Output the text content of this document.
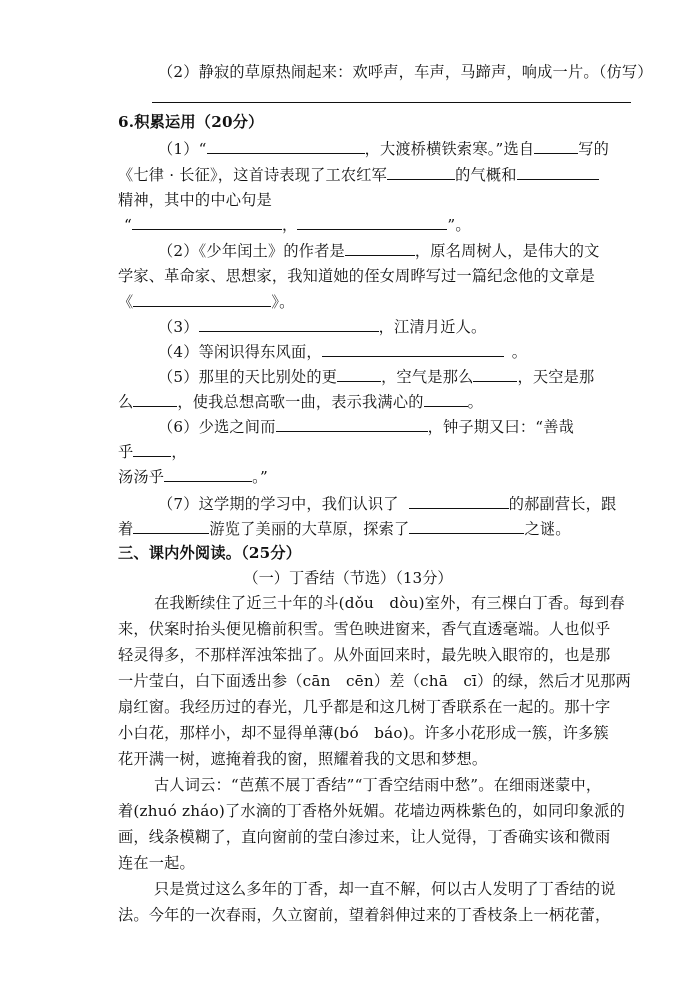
（2）静寂的草原热闹起来：欢呼声，车声，马蹄声，响成一片。（仿写）
6.积累运用（20分）
（1）“	，大渡桥横铁索寒。”选自	写的
《七律 · 长征》，这首诗表现了工农红军	的气概和
精神，其中的中心句是
“	，	”。
（2）《少年闰土》的作者是	，原名周树人，是伟大的文
学家、革命家、思想家，我知道她的侄女周晔写过一篇纪念他的文章是
《	》。
（3）	，江清月近人。
（4）等闲识得东风面，	。
（5）那里的天比别处的更	，空气是那么	，天空是那
么	，使我总想高歌一曲，表示我满心的	。
（6）少选之间而	，钟子期又曰：“善哉
乎	，
汤汤乎	。”
（7）这学期的学习中，我们认识了	的郝副营长，跟
着	游览了美丽的大草原，探索了	之谜。
三、课内外阅读。（25分）
（一）丁香结（节选）（13分）
在我断续住了近三十年的斗(dǒu　dòu)室外，有三棵白丁香。每到春
来，伏案时抬头便见檐前积雪。雪色映进窗来，香气直透毫端。人也似乎
轻灵得多，不那样浑浊笨拙了。从外面回来时，最先映入眼帘的，也是那
一片莹白，白下面透出参（cān　cēn）差（chā　cī）的绿，然后才见那两
扇红窗。我经历过的春光，几乎都是和这几树丁香联系在一起的。那十字
小白花，那样小，却不显得单薄(bó　báo)。许多小花形成一簇，许多簇
花开满一树，遮掩着我的窗，照耀着我的文思和梦想。
古人词云：“芭蕉不展丁香结”“丁香空结雨中愁”。在细雨迷蒙中，
着(zhuó zháo)了水滴的丁香格外妩媚。花墙边两株紫色的，如同印象派的
画，线条模糊了，直向窗前的莹白渗过来，让人觉得，丁香确实该和微雨
连在一起。
只是赏过这么多年的丁香，却一直不解，何以古人发明了丁香结的说
法。今年的一次春雨，久立窗前，望着斜伸过来的丁香枝条上一柄花蕾，
